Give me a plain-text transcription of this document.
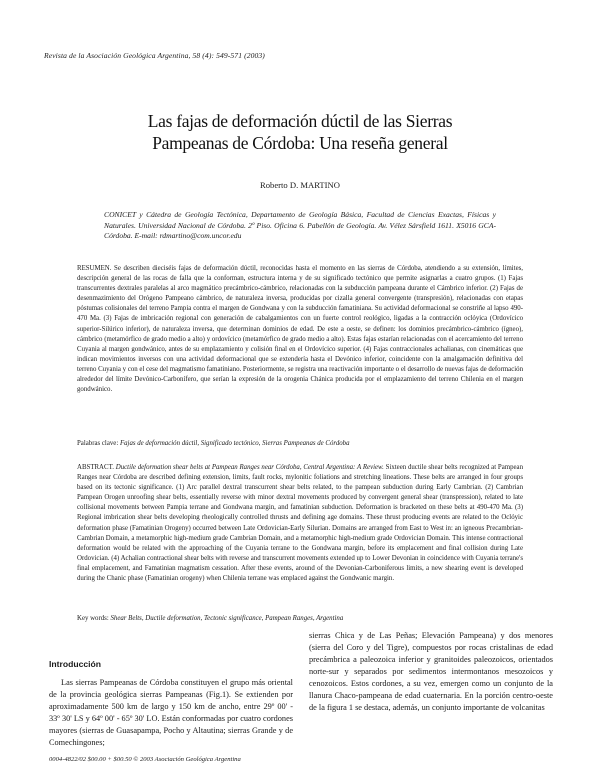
Revista de la Asociación Geológica Argentina, 58 (4): 549-571 (2003)
Las fajas de deformación dúctil de las Sierras
Pampeanas de Córdoba: Una reseña general
Roberto D. MARTINO
CONICET y Cátedra de Geología Tectónica, Departamento de Geología Básica, Facultad de Ciencias Exactas, Físicas y Naturales. Universidad Nacional de Córdoba. 2º Piso. Oficina 6. Pabellón de Geología. Av. Vélez Sársfield 1611. X5016 GCA-Córdoba. E-mail: rdmartino@com.uncor.edu

RESUMEN. Se describen dieciséis fajas de deformación dúctil, reconocidas hasta el momento en las sierras de Córdoba, atendiendo a su extensión, límites, descripción general de las rocas de falla que la conforman, estructura interna y de su significado tectónico que permite asignarlas a cuatro grupos. (1) Fajas transcurrentes dextrales paralelas al arco magmático precámbrico-cámbrico, relacionadas con la subducción pampeana durante el Cámbrico inferior. (2) Fajas de desenmazimiento del Orógeno Pampeano cámbrico, de naturaleza inversa, producidas por cizalla general convergente (transpresión), relacionadas con etapas póstumas colisionales del terreno Pampia contra el margen de Gondwana y con la subducción famatiniana. Su actividad deformacional se constriñe al lapso 490-470 Ma. (3) Fajas de imbricación regional con generación de cabalgamientos con un fuerte control reológico, ligadas a la contracción oclóyica (Ordovícico superior-Silúrico inferior), de naturaleza inversa, que determinan dominios de edad. De este a oeste, se definen: los dominios precámbrico-cámbrico (ígneo), cámbrico (metamórfico de grado medio a alto) y ordovícico (metamórfico de grado medio a alto). Estas fajas estarían relacionadas con el acercamiento del terreno Cuyania al margen gondwánico, antes de su emplazamiento y colisión final en el Ordovícico superior. (4) Fajas contraccionales achalianas, con cinemáticas que indican movimientos inversos con una actividad deformacional que se extendería hasta el Devónico inferior, coincidente con la amalgamación definitiva del terreno Cuyania y con el cese del magmatismo famatiniano. Posteriormente, se registra una reactivación importante o el desarrollo de nuevas fajas de deformación alrededor del límite Devónico-Carbonífero, que serían la expresión de la orogenia Chánica producida por el emplazamiento del terreno Chilenia en el margen gondwánico.

Palabras clave: Fajas de deformación dúctil, Significado tectónico, Sierras Pampeanas de Córdoba

ABSTRACT. Ductile deformation shear belts at Pampean Ranges near Córdoba, Central Argentina: A Review. Sixteen ductile shear belts recognized at Pampean Ranges near Córdoba are described defining extension, limits, fault rocks, mylonitic foliations and stretching lineations. These belts are arranged in four groups based on its tectonic significance. (1) Arc parallel dextral transcurrent shear belts related, to the pampean subduction during Early Cambrian. (2) Cambrian Pampean Orogen unroofing shear belts, essentially reverse with minor dextral movements produced by convergent general shear (transpression), related to late collisional movements between Pampia terrane and Gondwana margin, and famatinian subduction. Deformation is bracketed on these belts at 490-470 Ma. (3) Regional imbrication shear belts developing rheologically controlled thrusts and defining age domains. These thrust producing events are related to the Oclóyic deformation phase (Famatinian Orogeny) occurred between Late Ordovician-Early Silurian. Domains are arranged from East to West in: an igneous Precambrian-Cambrian Domain, a metamorphic high-medium grade Cambrian Domain, and a metamorphic high-medium grade Ordovician Domain. This intense contractional deformation would be related with the approaching of the Cuyania terrane to the Gondwana margin, before its emplacement and final collision during Late Ordovician. (4) Achalian contractional shear belts with reverse and transcurrent movements extended up to Lower Devonian in coincidence with Cuyania terrane's final emplacement, and Famatinian magmatism cessation. After these events, around of the Devonian-Carboniferous limits, a new shearing event is developed during the Chanic phase (Famatinian orogeny) when Chilenia terrane was emplaced against the Gondwanic margin.

Key words: Shear Belts, Ductile deformation, Tectonic significance, Pampean Ranges, Argentina

Introducción

Las sierras Pampeanas de Córdoba constituyen el grupo más oriental de la provincia geológica sierras Pampeanas (Fig.1). Se extienden por aproximadamente 500 km de largo y 150 km de ancho, entre 29º 00' - 33º 30' LS y 64º 00' - 65º 30' LO. Están conformadas por cuatro cordones mayores (sierras de Guasapampa, Pocho y Altautina; sierras Grande y de Comechingones;

sierras Chica y de Las Peñas; Elevación Pampeana) y dos menores (sierra del Coro y del Tigre), compuestos por rocas cristalinas de edad precámbrica a paleozoica inferior y granitoides paleozoicos, orientados norte-sur y separados por sedimentos intermontanos mesozoicos y cenozoicos. Estos cordones, a su vez, emergen como un conjunto de la llanura Chaco-pampeana de edad cuaternaria. En la porción centro-oeste de la figura 1 se destaca, además, un conjunto importante de volcanitas

0004-4822/02 $00.00 + $00.50 © 2003 Asociación Geológica Argentina
